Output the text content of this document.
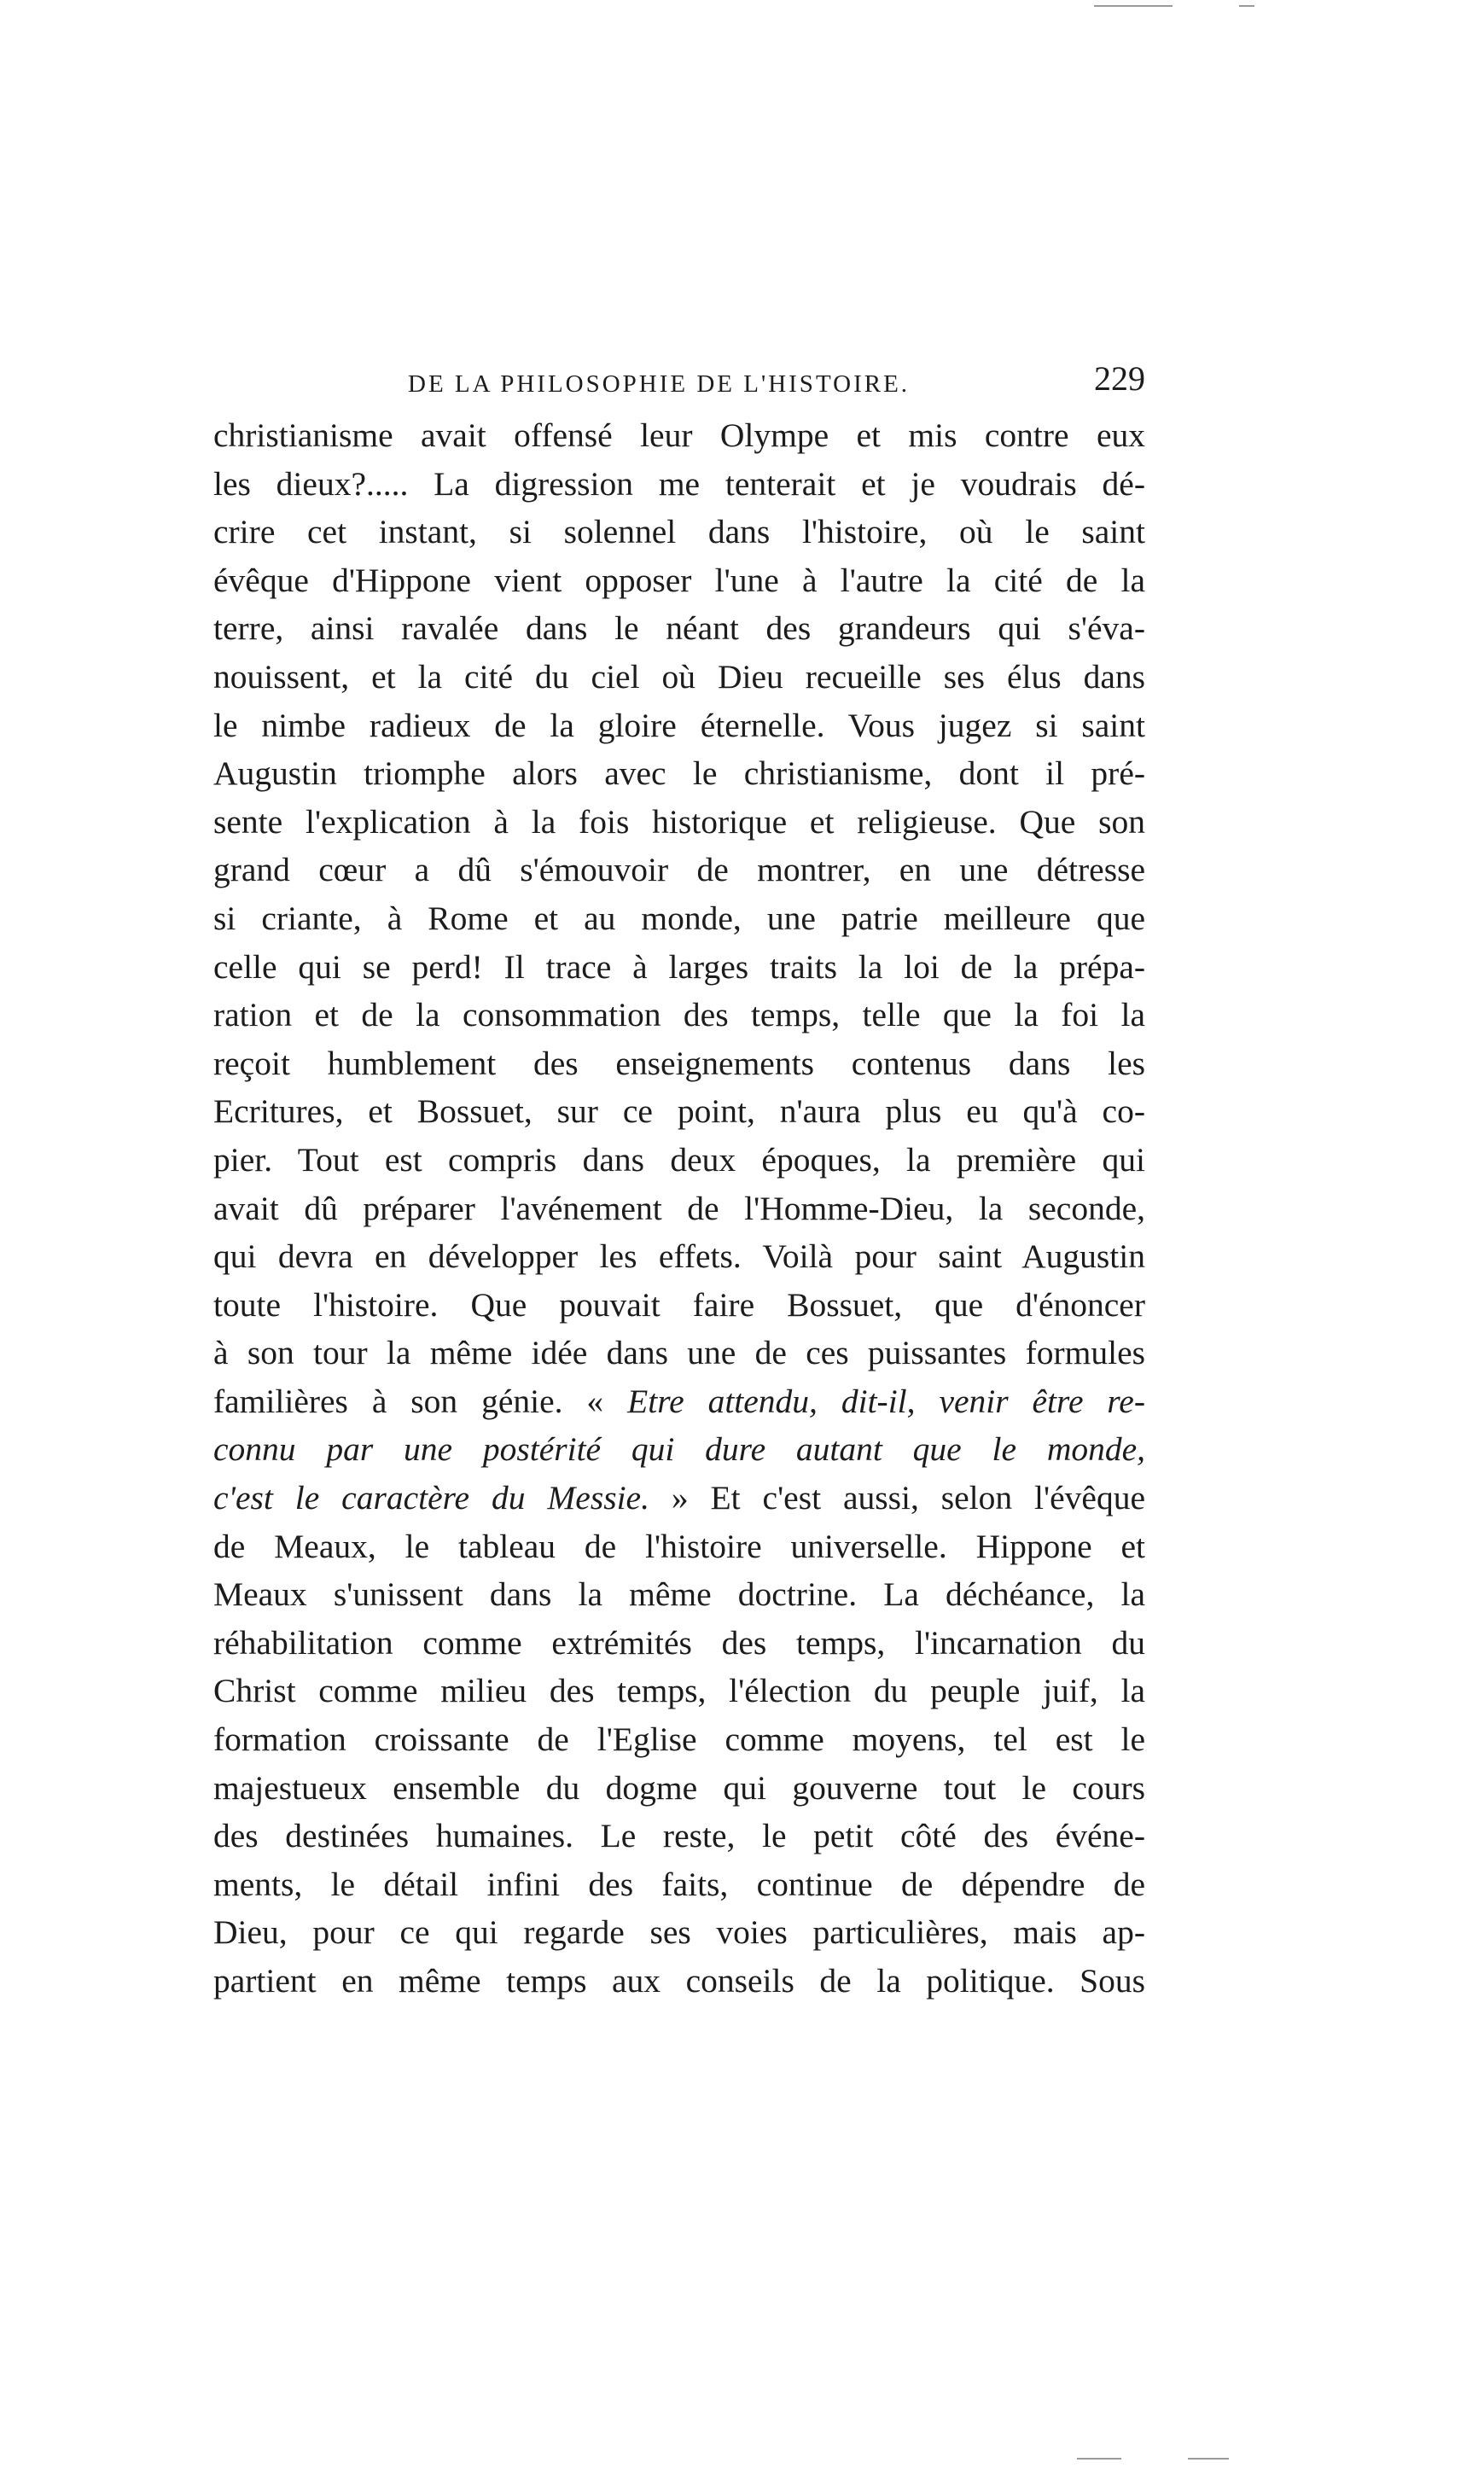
DE LA PHILOSOPHIE DE L'HISTOIRE.	229
christianisme avait offensé leur Olympe et mis contre eux
les dieux?..... La digression me tenterait et je voudrais dé-
crire cet instant, si solennel dans l'histoire, où le saint
évêque d'Hippone vient opposer l'une à l'autre la cité de la
terre, ainsi ravalée dans le néant des grandeurs qui s'éva-
nouissent, et la cité du ciel où Dieu recueille ses élus dans
le nimbe radieux de la gloire éternelle. Vous jugez si saint
Augustin triomphe alors avec le christianisme, dont il pré-
sente l'explication à la fois historique et religieuse. Que son
grand cœur a dû s'émouvoir de montrer, en une détresse
si criante, à Rome et au monde, une patrie meilleure que
celle qui se perd! Il trace à larges traits la loi de la prépa-
ration et de la consommation des temps, telle que la foi la
reçoit humblement des enseignements contenus dans les
Ecritures, et Bossuet, sur ce point, n'aura plus eu qu'à co-
pier. Tout est compris dans deux époques, la première qui
avait dû préparer l'avénement de l'Homme-Dieu, la seconde,
qui devra en développer les effets. Voilà pour saint Augustin
toute l'histoire. Que pouvait faire Bossuet, que d'énoncer
à son tour la même idée dans une de ces puissantes formules
familières à son génie. « Etre attendu, dit-il, venir être re-
connu par une postérité qui dure autant que le monde,
c'est le caractère du Messie. » Et c'est aussi, selon l'évêque
de Meaux, le tableau de l'histoire universelle. Hippone et
Meaux s'unissent dans la même doctrine. La déchéance, la
réhabilitation comme extrémités des temps, l'incarnation du
Christ comme milieu des temps, l'élection du peuple juif, la
formation croissante de l'Eglise comme moyens, tel est le
majestueux ensemble du dogme qui gouverne tout le cours
des destinées humaines. Le reste, le petit côté des événe-
ments, le détail infini des faits, continue de dépendre de
Dieu, pour ce qui regarde ses voies particulières, mais ap-
partient en même temps aux conseils de la politique. Sous
